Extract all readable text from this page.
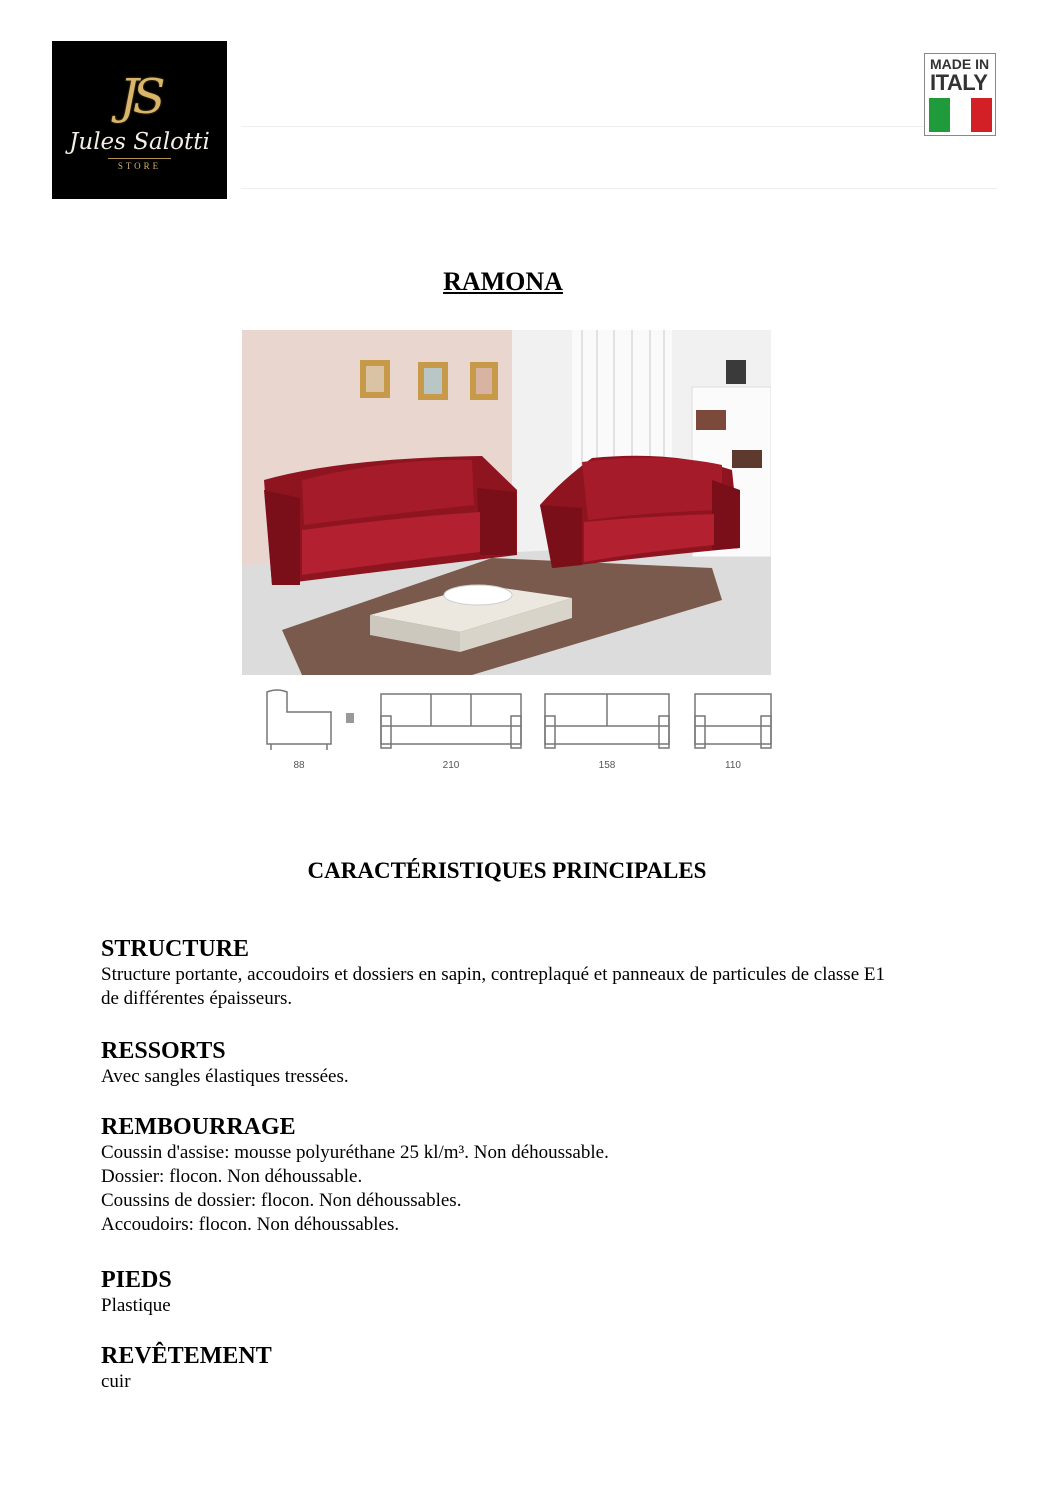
JS
Jules Salotti
STORE
MADE IN
ITALY
RAMONA
88	210	158	110
CARACTÉRISTIQUES PRINCIPALES
STRUCTURE

Structure portante, accoudoirs et dossiers en sapin, contreplaqué et panneaux de particules de classe E1

de différentes épaisseurs.

RESSORTS

Avec sangles élastiques tressées.

REMBOURRAGE

Coussin d'assise: mousse polyuréthane 25 kl/m³. Non déhoussable.

Dossier: flocon. Non déhoussable.

Coussins de dossier: flocon. Non déhoussables.

Accoudoirs: flocon. Non déhoussables.

PIEDS

Plastique

REVÊTEMENT

cuir
